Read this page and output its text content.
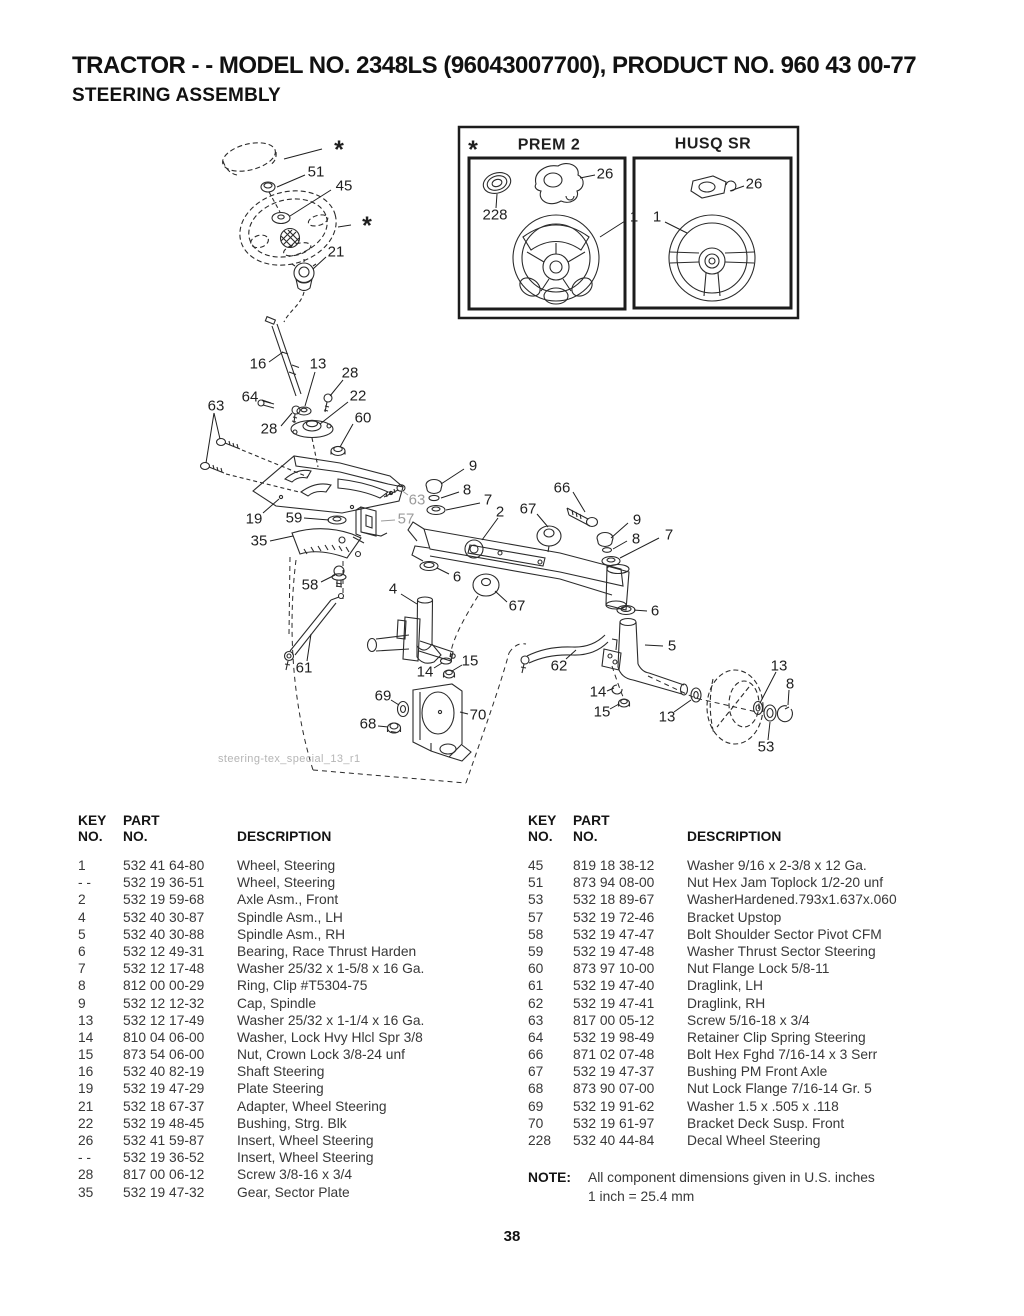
TRACTOR - - MODEL NO. 2348LS (96043007700), PRODUCT NO. 960 43 00-77
STEERING ASSEMBLY
* PREM 2	HUSQ SR
steering-tex_special_13_r1
*
51
45
*
21
16	13
28
64	22
63
28
60
9
8
7
2 67
66
9
8 7
63
57
19 59
35
58	6
67
4
6
5
61	14
15	62
69
70
68
14
15	13
13
8
53
228
26
1
26
1
KEY	PART
NO.	NO.	DESCRIPTION
1	532 41 64-80	Wheel, Steering
- -	532 19 36-51	Wheel, Steering
2	532 19 59-68	Axle Asm., Front
4	532 40 30-87	Spindle Asm., LH
5	532 40 30-88	Spindle Asm., RH
6	532 12 49-31	Bearing, Race Thrust Harden
7	532 12 17-48	Washer 25/32 x 1-5/8 x 16 Ga.
8	812 00 00-29	Ring, Clip #T5304-75
9	532 12 12-32	Cap, Spindle
13	532 12 17-49	Washer 25/32 x 1-1/4 x 16 Ga.
14	810 04 06-00	Washer, Lock Hvy Hlcl Spr 3/8
15	873 54 06-00	Nut, Crown Lock 3/8-24 unf
16	532 40 82-19	Shaft Steering
19	532 19 47-29	Plate Steering
21	532 18 67-37	Adapter, Wheel Steering
22	532 19 48-45	Bushing, Strg. Blk
26	532 41 59-87	Insert, Wheel Steering
- -	532 19 36-52	Insert, Wheel Steering
28	817 00 06-12	Screw 3/8-16 x 3/4
35	532 19 47-32	Gear, Sector Plate
KEY	PART
NO.	NO.	DESCRIPTION
45	819 18 38-12	Washer 9/16 x 2-3/8 x 12 Ga.
51	873 94 08-00	Nut Hex Jam Toplock 1/2-20 unf
53	532 18 89-67	WasherHardened.793x1.637x.060
57	532 19 72-46	Bracket Upstop
58	532 19 47-47	Bolt Shoulder Sector Pivot CFM
59	532 19 47-48	Washer Thrust Sector Steering
60	873 97 10-00	Nut Flange Lock 5/8-11
61	532 19 47-40	Draglink, LH
62	532 19 47-41	Draglink, RH
63	817 00 05-12	Screw 5/16-18 x 3/4
64	532 19 98-49	Retainer Clip Spring Steering
66	871 02 07-48	Bolt Hex Fghd 7/16-14 x 3 Serr
67	532 19 47-37	Bushing PM Front Axle
68	873 90 07-00	Nut Lock Flange 7/16-14 Gr. 5
69	532 19 91-62	Washer 1.5 x .505 x .118
70	532 19 61-97	Bracket Deck Susp. Front
228	532 40 44-84	Decal Wheel Steering
NOTE:	All component dimensions given in U.S. inches
1 inch = 25.4 mm
38
